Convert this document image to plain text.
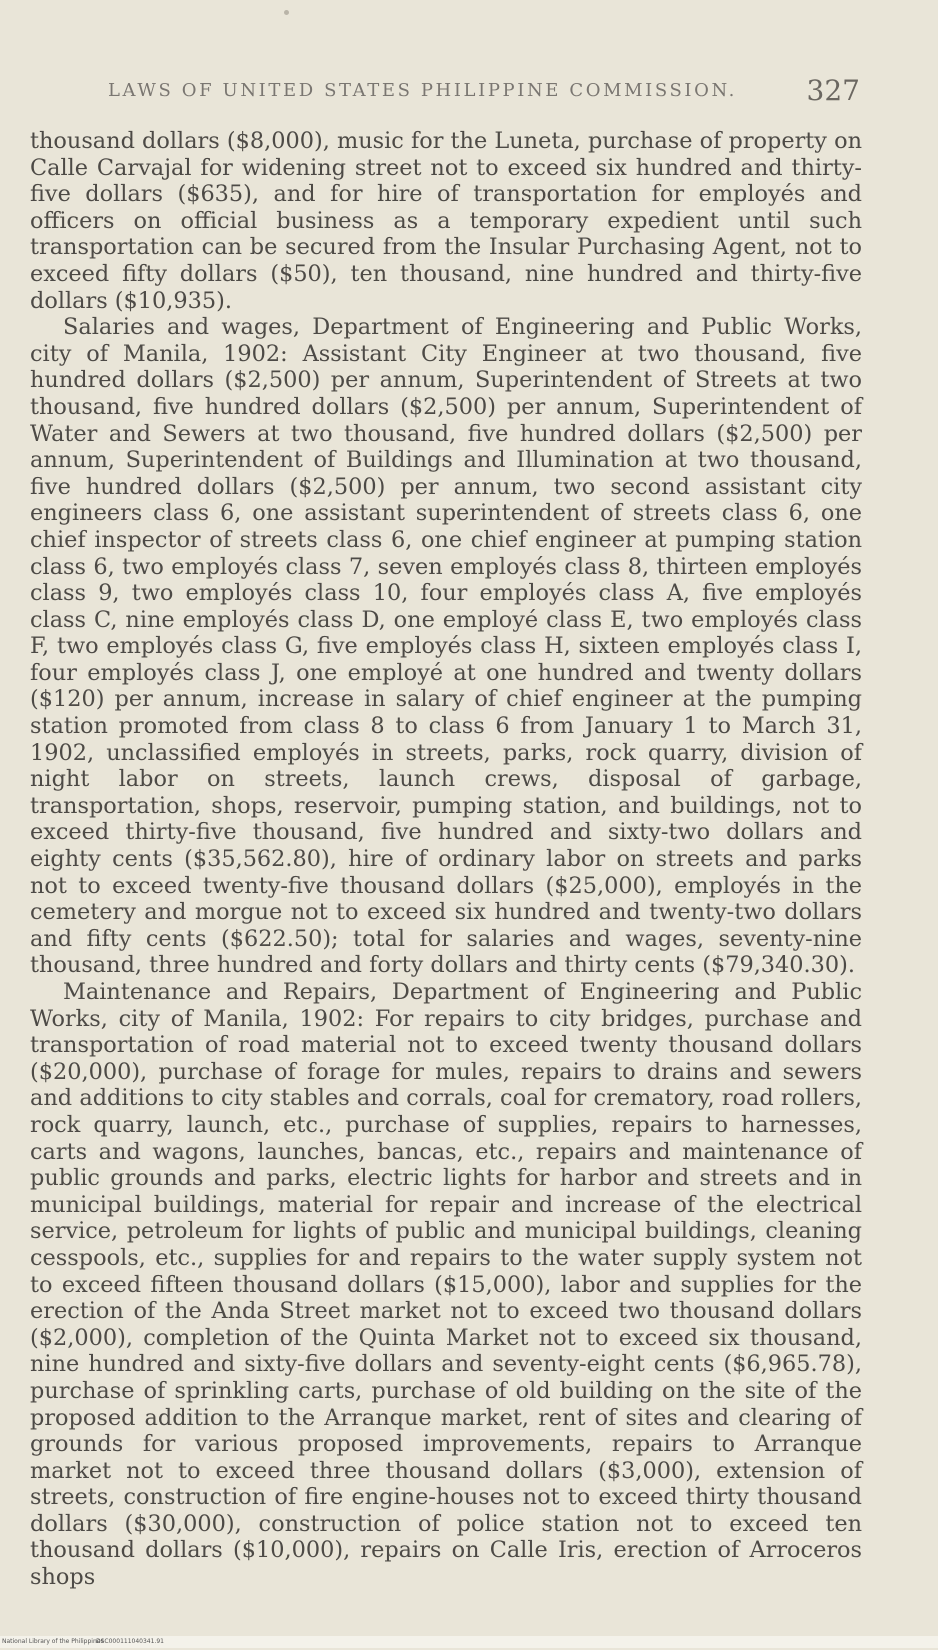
LAWS OF UNITED STATES PHILIPPINE COMMISSION. 327

thousand dollars ($8,000), music for the Luneta, purchase of property on Calle Carvajal for widening street not to exceed six hundred and thirty-five dollars ($635), and for hire of transportation for employés and officers on official business as a temporary expedient until such transportation can be secured from the Insular Purchasing Agent, not to exceed fifty dollars ($50), ten thousand, nine hundred and thirty-five dollars ($10,935).

Salaries and wages, Department of Engineering and Public Works, city of Manila, 1902: Assistant City Engineer at two thousand, five hundred dollars ($2,500) per annum, Superintendent of Streets at two thousand, five hundred dollars ($2,500) per annum, Superintendent of Water and Sewers at two thousand, five hundred dollars ($2,500) per annum, Superintendent of Buildings and Illumination at two thousand, five hundred dollars ($2,500) per annum, two second assistant city engineers class 6, one assistant superintendent of streets class 6, one chief inspector of streets class 6, one chief engineer at pumping station class 6, two employés class 7, seven employés class 8, thirteen employés class 9, two employés class 10, four employés class A, five employés class C, nine employés class D, one employé class E, two employés class F, two employés class G, five employés class H, sixteen employés class I, four employés class J, one employé at one hundred and twenty dollars ($120) per annum, increase in salary of chief engineer at the pumping station promoted from class 8 to class 6 from January 1 to March 31, 1902, unclassified employés in streets, parks, rock quarry, division of night labor on streets, launch crews, disposal of garbage, transportation, shops, reservoir, pumping station, and buildings, not to exceed thirty-five thousand, five hundred and sixty-two dollars and eighty cents ($35,562.80), hire of ordinary labor on streets and parks not to exceed twenty-five thousand dollars ($25,000), employés in the cemetery and morgue not to exceed six hundred and twenty-two dollars and fifty cents ($622.50); total for salaries and wages, seventy-nine thousand, three hundred and forty dollars and thirty cents ($79,340.30).

Maintenance and Repairs, Department of Engineering and Public Works, city of Manila, 1902: For repairs to city bridges, purchase and transportation of road material not to exceed twenty thousand dollars ($20,000), purchase of forage for mules, repairs to drains and sewers and additions to city stables and corrals, coal for crematory, road rollers, rock quarry, launch, etc., purchase of supplies, repairs to harnesses, carts and wagons, launches, bancas, etc., repairs and maintenance of public grounds and parks, electric lights for harbor and streets and in municipal buildings, material for repair and increase of the electrical service, petroleum for lights of public and municipal buildings, cleaning cesspools, etc., supplies for and repairs to the water supply system not to exceed fifteen thousand dollars ($15,000), labor and supplies for the erection of the Anda Street market not to exceed two thousand dollars ($2,000), completion of the Quinta Market not to exceed six thousand, nine hundred and sixty-five dollars and seventy-eight cents ($6,965.78), purchase of sprinkling carts, purchase of old building on the site of the proposed addition to the Arranque market, rent of sites and clearing of grounds for various proposed improvements, repairs to Arranque market not to exceed three thousand dollars ($3,000), extension of streets, construction of fire engine-houses not to exceed thirty thousand dollars ($30,000), construction of police station not to exceed ten thousand dollars ($10,000), repairs on Calle Iris, erection of Arroceros shops

National Library of the Philippines
DSC000111040341.91
